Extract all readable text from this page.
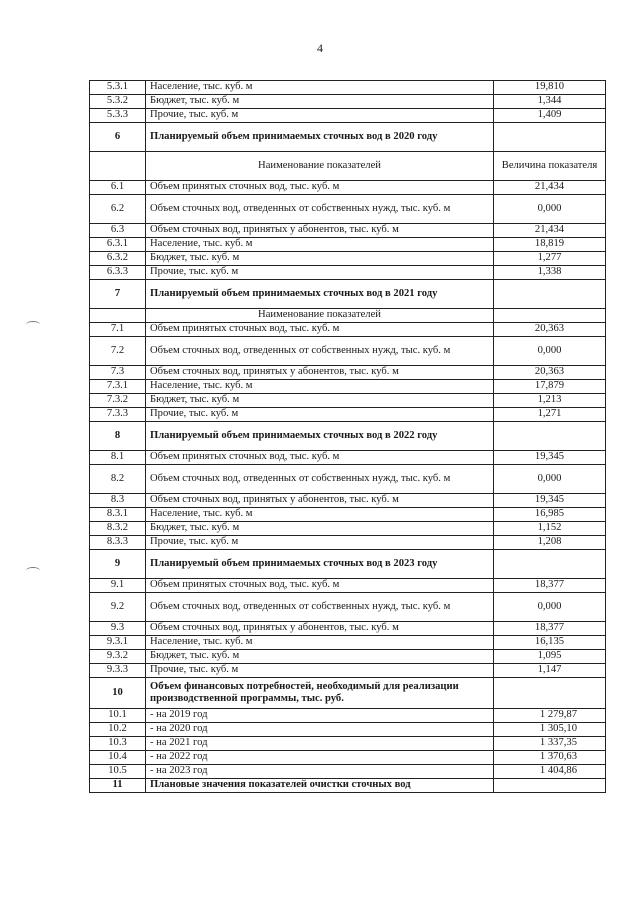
4
5.3.1	Население, тыс. куб. м	19,810
5.3.2	Бюджет, тыс. куб. м	1,344
5.3.3	Прочие, тыс. куб. м	1,409
6	Планируемый объем принимаемых сточных вод в 2020 году	
	Наименование показателей	Величина показателя
6.1	Объем принятых сточных вод, тыс. куб. м	21,434
6.2	Объем сточных вод, отведенных от собственных нужд, тыс. куб. м	0,000
6.3	Объем сточных вод, принятых у абонентов, тыс. куб. м	21,434
6.3.1	Население, тыс. куб. м	18,819
6.3.2	Бюджет, тыс. куб. м	1,277
6.3.3	Прочие, тыс. куб. м	1,338
7	Планируемый объем принимаемых сточных вод в 2021 году	
	Наименование показателей	
7.1	Объем принятых сточных вод, тыс. куб. м	20,363
7.2	Объем сточных вод, отведенных от собственных нужд, тыс. куб. м	0,000
7.3	Объем сточных вод, принятых у абонентов, тыс. куб. м	20,363
7.3.1	Население, тыс. куб. м	17,879
7.3.2	Бюджет, тыс. куб. м	1,213
7.3.3	Прочие, тыс. куб. м	1,271
8	Планируемый объем принимаемых сточных вод в 2022 году	
8.1	Объем принятых сточных вод, тыс. куб. м	19,345
8.2	Объем сточных вод, отведенных от собственных нужд, тыс. куб. м	0,000
8.3	Объем сточных вод, принятых у абонентов, тыс. куб. м	19,345
8.3.1	Население, тыс. куб. м	16,985
8.3.2	Бюджет, тыс. куб. м	1,152
8.3.3	Прочие, тыс. куб. м	1,208
9	Планируемый объем принимаемых сточных вод в 2023 году	
9.1	Объем принятых сточных вод, тыс. куб. м	18,377
9.2	Объем сточных вод, отведенных от собственных нужд, тыс. куб. м	0,000
9.3	Объем сточных вод, принятых у абонентов, тыс. куб. м	18,377
9.3.1	Население, тыс. куб. м	16,135
9.3.2	Бюджет, тыс. куб. м	1,095
9.3.3	Прочие, тыс. куб. м	1,147
10	Объем финансовых потребностей, необходимый для реализации производственной программы, тыс. руб.	
10.1	- на 2019 год	1 279,87
10.2	- на 2020 год	1 305,10
10.3	- на 2021 год	1 337,35
10.4	- на 2022 год	1 370,63
10.5	- на 2023 год	1 404,86
11	Плановые значения показателей очистки сточных вод	
